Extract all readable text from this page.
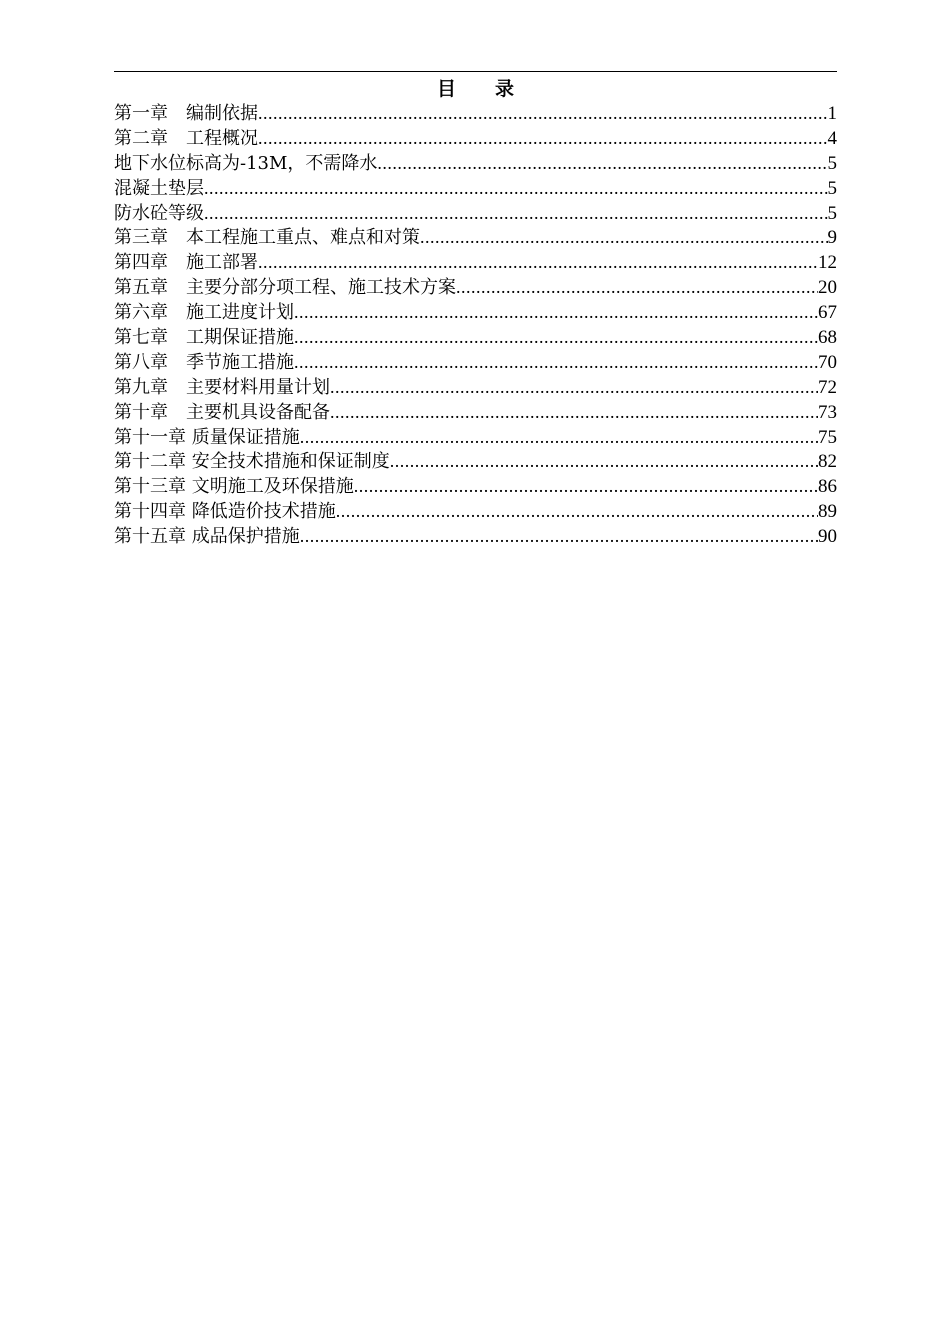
目　录
第一章　编制依据 .....	1
第二章　工程概况 .....	4
地下水位标高为-13M，不需降水 .....	5
混凝土垫层 .....	5
防水砼等级 .....	5
第三章　本工程施工重点、难点和对策 .....	9
第四章　施工部署 .....	12
第五章　主要分部分项工程、施工技术方案 .....	20
第六章　施工进度计划 .....	67
第七章　工期保证措施 .....	68
第八章　季节施工措施 .....	70
第九章　主要材料用量计划 .....	72
第十章　主要机具设备配备 .....	73
第十一章 质量保证措施 .....	75
第十二章 安全技术措施和保证制度 .....	82
第十三章 文明施工及环保措施 .....	86
第十四章 降低造价技术措施 .....	89
第十五章 成品保护措施 .....	90
